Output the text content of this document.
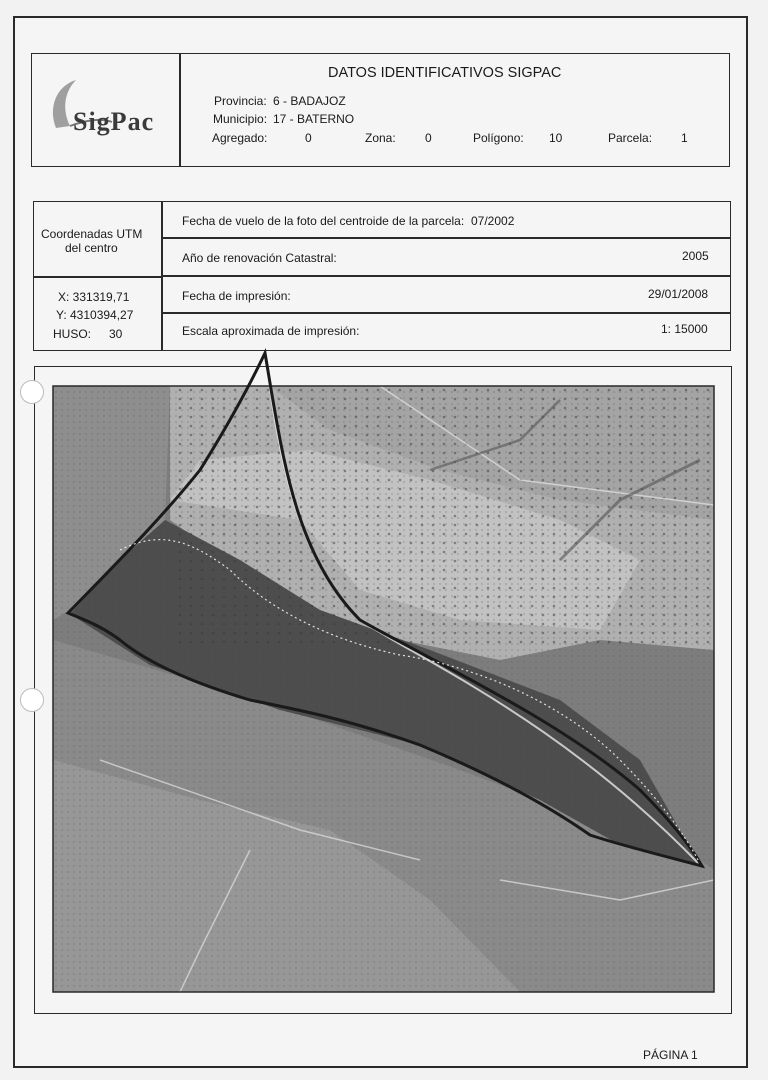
SigPac
DATOS IDENTIFICATIVOS SIGPAC
Provincia: 6 - BADAJOZ
Municipio: 17 - BATERNO
Agregado:	0	Zona: 0	Polígono: 10	Parcela: 1
Coordenadas UTM
del centro
X: 331319,71
Y: 4310394,27
HUSO: 30
Fecha de vuelo de la foto del centroide de la parcela: 07/2002
Año de renovación Catastral:	2005
Fecha de impresión:	29/01/2008
Escala aproximada de impresión:	1: 15000
PÁGINA 1
